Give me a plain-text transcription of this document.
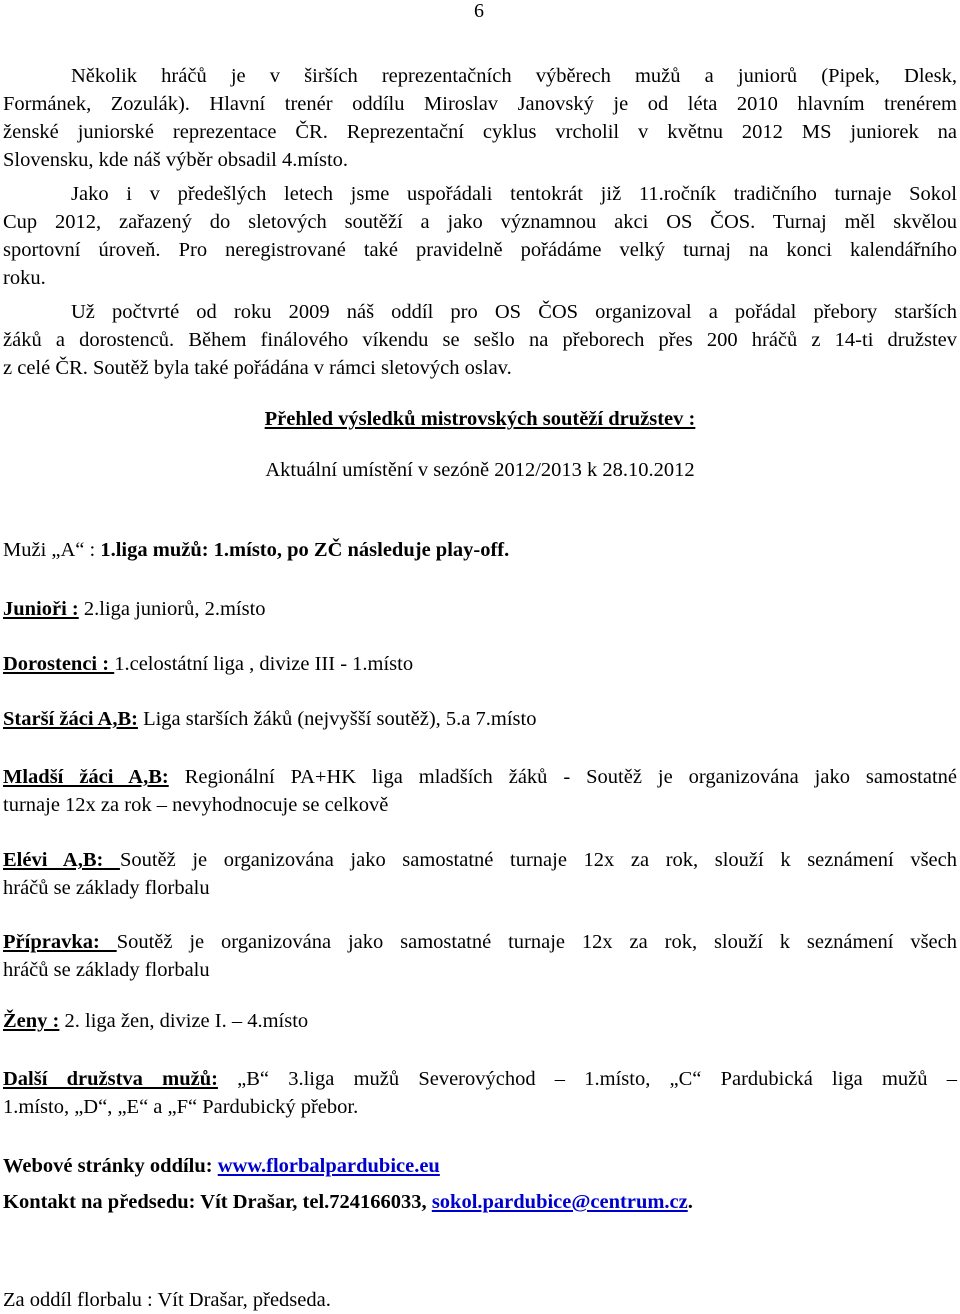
6
Několik hráčů je v širších reprezentačních výběrech mužů a juniorů (Pipek, Dlesk,
Formánek, Zozulák). Hlavní trenér oddílu Miroslav Janovský je od léta 2010 hlavním trenérem
ženské juniorské reprezentace ČR. Reprezentační cyklus vrcholil v květnu 2012 MS juniorek na
Slovensku, kde náš výběr obsadil 4.místo.
Jako i v předešlých letech jsme uspořádali tentokrát již 11.ročník tradičního turnaje Sokol
Cup 2012, zařazený do sletových soutěží a jako významnou akci OS ČOS. Turnaj měl skvělou
sportovní úroveň. Pro neregistrované také pravidelně pořádáme velký turnaj na konci kalendářního
roku.
Už počtvrté od roku 2009 náš oddíl pro OS ČOS organizoval a pořádal přebory starších
žáků a dorostenců. Během finálového víkendu se sešlo na přeborech přes 200 hráčů z 14-ti družstev
z celé ČR. Soutěž byla také pořádána v rámci sletových oslav.
Přehled výsledků mistrovských soutěží družstev :
Aktuální umístění v sezóně 2012/2013 k 28.10.2012
Muži „A“ : 1.liga mužů: 1.místo, po ZČ následuje play-off.
Junioři : 2.liga juniorů, 2.místo
Dorostenci : 1.celostátní liga , divize III - 1.místo
Starší žáci A,B: Liga starších žáků (nejvyšší soutěž), 5.a 7.místo
Mladší žáci A,B: Regionální PA+HK liga mladších žáků - Soutěž je organizována jako samostatné
turnaje 12x za rok – nevyhodnocuje se celkově
Elévi A,B: Soutěž je organizována jako samostatné turnaje 12x za rok, slouží k seznámení všech
hráčů se základy florbalu
Přípravka: Soutěž je organizována jako samostatné turnaje 12x za rok, slouží k seznámení všech
hráčů se základy florbalu
Ženy : 2. liga žen, divize I. – 4.místo
Další družstva mužů: „B“ 3.liga mužů Severovýchod – 1.místo, „C“ Pardubická liga mužů –
1.místo, „D“, „E“ a „F“ Pardubický přebor.
Webové stránky oddílu: www.florbalpardubice.eu
Kontakt na předsedu: Vít Drašar, tel.724166033, sokol.pardubice@centrum.cz.
Za oddíl florbalu : Vít Drašar, předseda.
